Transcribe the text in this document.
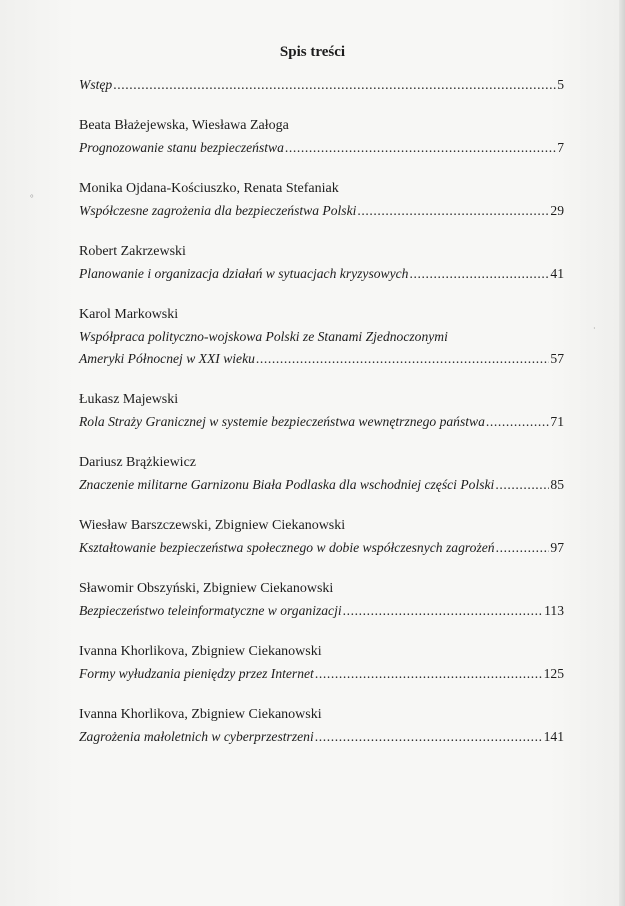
°
·
Spis treści
Wstęp .....	5
Beata Błażejewska, Wiesława Załoga
Prognozowanie stanu bezpieczeństwa .....	7
Monika Ojdana-Kościuszko, Renata Stefaniak
Współczesne zagrożenia dla bezpieczeństwa Polski .....	29
Robert Zakrzewski
Planowanie i organizacja działań w sytuacjach kryzysowych .....	41
Karol Markowski
Współpraca polityczno-wojskowa Polski ze Stanami Zjednoczonymi
Ameryki Północnej w XXI wieku .....	57
Łukasz Majewski
Rola Straży Granicznej w systemie bezpieczeństwa wewnętrznego państwa .....	71
Dariusz Brążkiewicz
Znaczenie militarne Garnizonu Biała Podlaska dla wschodniej części Polski .....	85
Wiesław Barszczewski, Zbigniew Ciekanowski
Kształtowanie bezpieczeństwa społecznego w dobie współczesnych zagrożeń .....	97
Sławomir Obszyński, Zbigniew Ciekanowski
Bezpieczeństwo teleinformatyczne w organizacji .....	113
Ivanna Khorlikova, Zbigniew Ciekanowski
Formy wyłudzania pieniędzy przez Internet .....	125
Ivanna Khorlikova, Zbigniew Ciekanowski
Zagrożenia małoletnich w cyberprzestrzeni .....	141
